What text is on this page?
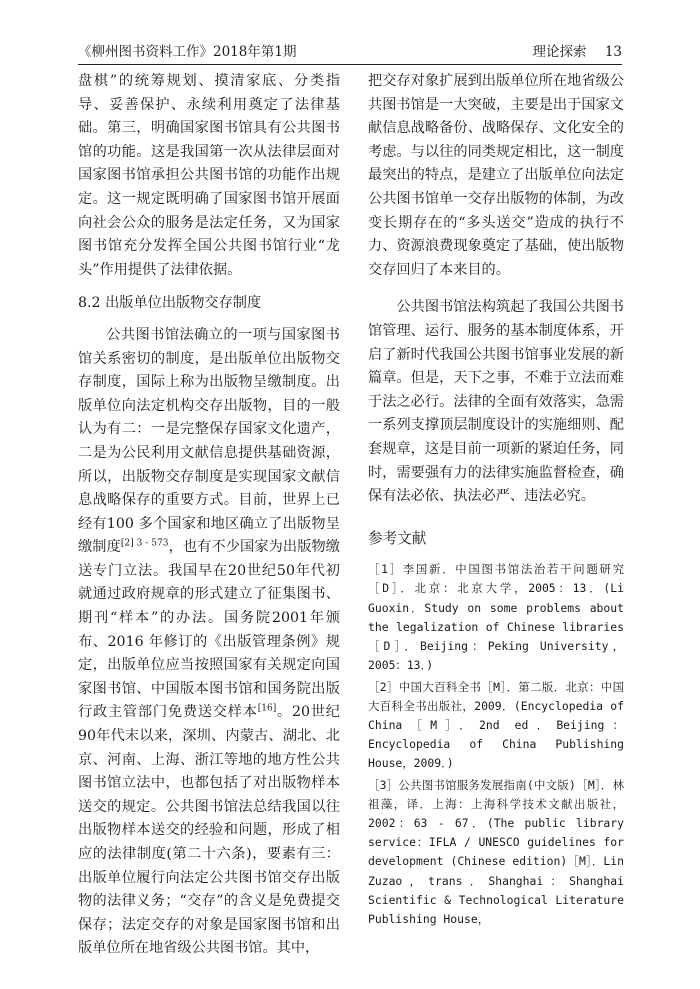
《柳州图书资料工作》2018年第1期	理论探索 13

盘棋”的统筹规划、摸清家底、分类指导、妥善保护、永续利用奠定了法律基础。第三，明确国家图书馆具有公共图书馆的功能。这是我国第一次从法律层面对国家图书馆承担公共图书馆的功能作出规定。这一规定既明确了国家图书馆开展面向社会公众的服务是法定任务，又为国家图书馆充分发挥全国公共图书馆行业“龙头”作用提供了法律依据。

8.2 出版单位出版物交存制度

公共图书馆法确立的一项与国家图书馆关系密切的制度，是出版单位出版物交存制度，国际上称为出版物呈缴制度。出版单位向法定机构交存出版物，目的一般认为有二：一是完整保存国家文化遗产，二是为公民利用文献信息提供基础资源，所以，出版物交存制度是实现国家文献信息战略保存的重要方式。目前，世界上已经有100 多个国家和地区确立了出版物呈缴制度$^{[2] 3 - 573}$，也有不少国家为出版物缴送专门立法。我国早在20世纪50年代初就通过政府规章的形式建立了征集图书、期刊“样本”的办法。国务院2001年颁布、2016 年修订的《出版管理条例》规定，出版单位应当按照国家有关规定向国家图书馆、中国版本图书馆和国务院出版行政主管部门免费送交样本[16]。20世纪90年代末以来，深圳、内蒙古、湖北、北京、河南、上海、浙江等地的地方性公共图书馆立法中，也都包括了对出版物样本送交的规定。公共图书馆法总结我国以往出版物样本送交的经验和问题，形成了相应的法律制度(第二十六条)，要素有三：出版单位履行向法定公共图书馆交存出版物的法律义务；“交存”的含义是免费提交保存；法定交存的对象是国家图书馆和出版单位所在地省级公共图书馆。其中，

把交存对象扩展到出版单位所在地省级公共图书馆是一大突破，主要是出于国家文献信息战略备份、战略保存、文化安全的考虑。与以往的同类规定相比，这一制度最突出的特点，是建立了出版单位向法定公共图书馆单一交存出版物的体制，为改变长期存在的“多头送交”造成的执行不力、资源浪费现象奠定了基础，使出版物交存回归了本来目的。

公共图书馆法构筑起了我国公共图书馆管理、运行、服务的基本制度体系，开启了新时代我国公共图书馆事业发展的新篇章。但是，天下之事，不难于立法而难于法之必行。法律的全面有效落实，急需一系列支撑顶层制度设计的实施细则、配套规章，这是目前一项新的紧迫任务，同时，需要强有力的法律实施监督检查，确保有法必依、执法必严、违法必究。

参考文献

［1］李国新．中国图书馆法治若干问题研究［D］．北京：北京大学，2005：13．(Li Guoxin．Study on some problems about the legalization of Chinese libraries［D］．Beijing：Peking University，2005：13．)

［2］中国大百科全书［M］．第二版．北京：中国大百科全书出版社，2009．(Encyclopedia of China［M］．2nd ed．Beijing：Encyclopedia of China Publishing House，2009．)

［3］公共图书馆服务发展指南(中文版)［M］．林祖藻，译．上海：上海科学技术文献出版社，2002：63 - 67．(The public library service：IFLA / UNESCO guidelines for development (Chinese edition)［M］．Lin Zuzao，trans．Shanghai：Shanghai Scientific & Technological Literature Publishing House，
